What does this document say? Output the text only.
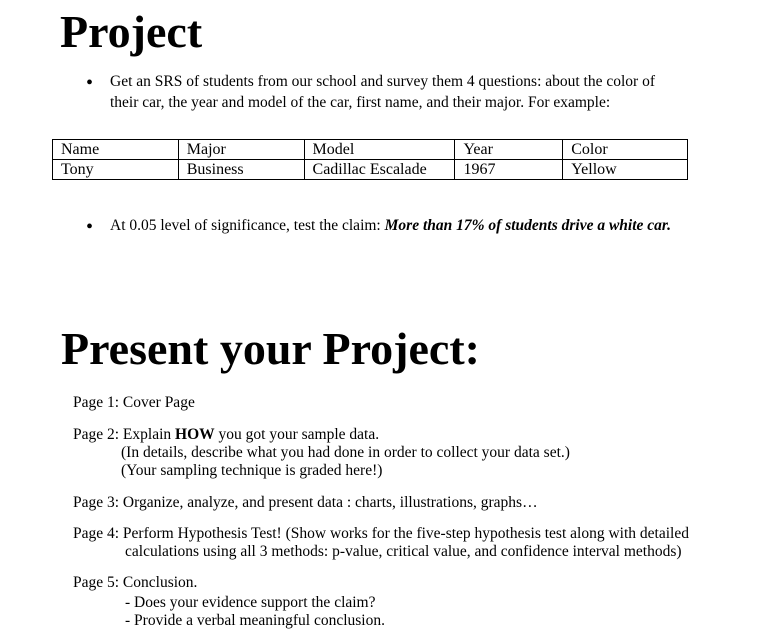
Project
• Get an SRS of students from our school and survey them 4 questions: about the color of
their car, the year and model of the car, first name, and their major. For example:
Name	Major	Model	Year	Color
Tony	Business	Cadillac Escalade	1967	Yellow
• At 0.05 level of significance, test the claim: More than 17% of students drive a white car.
Present your Project:
Page 1: Cover Page
Page 2: Explain HOW you got your sample data.
(In details, describe what you had done in order to collect your data set.)
(Your sampling technique is graded here!)
Page 3: Organize, analyze, and present data : charts, illustrations, graphs…
Page 4: Perform Hypothesis Test! (Show works for the five-step hypothesis test along with detailed
calculations using all 3 methods: p-value, critical value, and confidence interval methods)
Page 5: Conclusion.
- Does your evidence support the claim?
- Provide a verbal meaningful conclusion.
